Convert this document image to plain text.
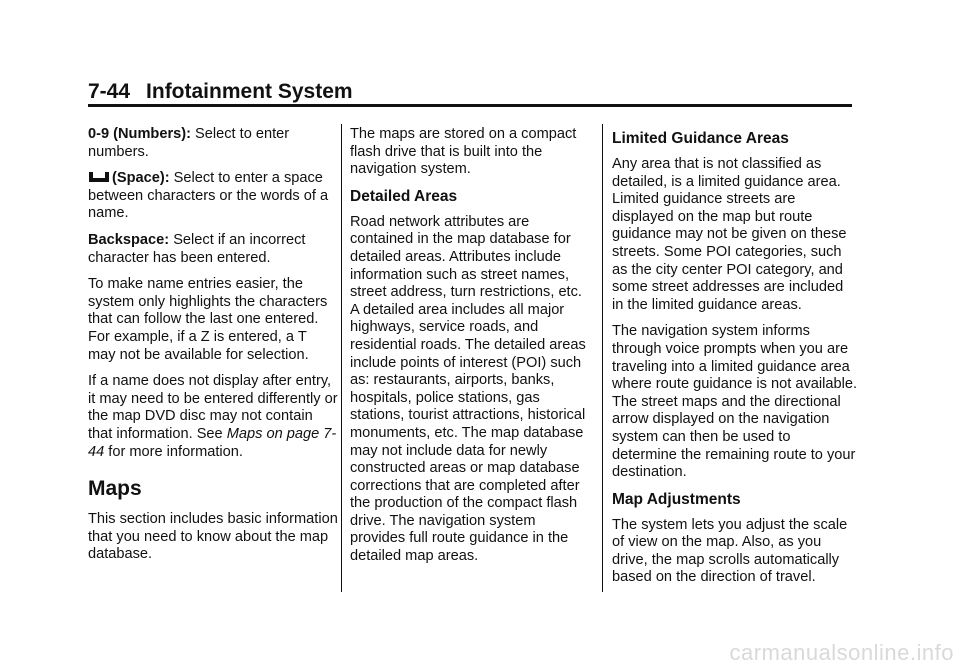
7-44 Infotainment System

0-9 (Numbers): Select to enter numbers.

(Space): Select to enter a space between characters or the words of a name.

Backspace: Select if an incorrect character has been entered.

To make name entries easier, the system only highlights the characters that can follow the last one entered. For example, if a Z is entered, a T may not be available for selection.

If a name does not display after entry, it may need to be entered differently or the map DVD disc may not contain that information. See Maps on page 7-44 for more information.

Maps

This section includes basic information that you need to know about the map database.

The maps are stored on a compact flash drive that is built into the navigation system.

Detailed Areas

Road network attributes are contained in the map database for detailed areas. Attributes include information such as street names, street address, turn restrictions, etc. A detailed area includes all major highways, service roads, and residential roads. The detailed areas include points of interest (POI) such as: restaurants, airports, banks, hospitals, police stations, gas stations, tourist attractions, historical monuments, etc. The map database may not include data for newly constructed areas or map database corrections that are completed after the production of the compact flash drive. The navigation system provides full route guidance in the detailed map areas.

Limited Guidance Areas

Any area that is not classified as detailed, is a limited guidance area. Limited guidance streets are displayed on the map but route guidance may not be given on these streets. Some POI categories, such as the city center POI category, and some street addresses are included in the limited guidance areas.

The navigation system informs through voice prompts when you are traveling into a limited guidance area where route guidance is not available. The street maps and the directional arrow displayed on the navigation system can then be used to determine the remaining route to your destination.

Map Adjustments

The system lets you adjust the scale of view on the map. Also, as you drive, the map scrolls automatically based on the direction of travel.

carmanualsonline.info
